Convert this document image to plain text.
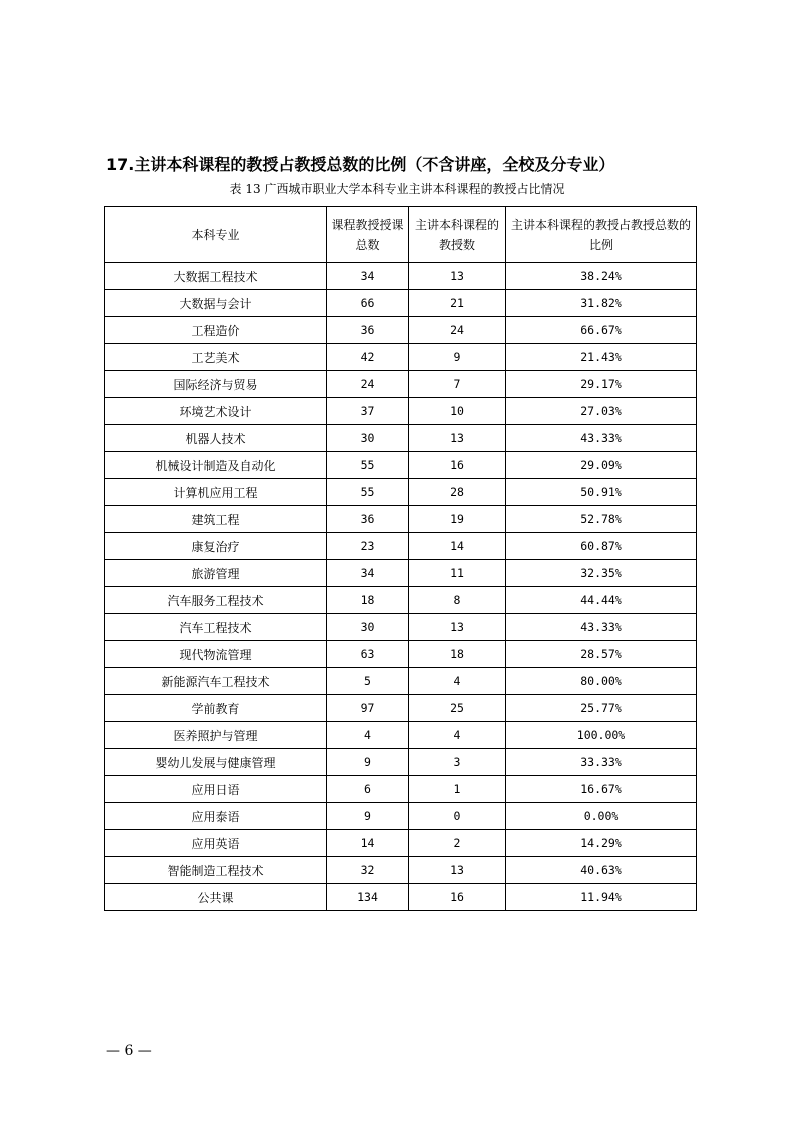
17.主讲本科课程的教授占教授总数的比例（不含讲座，全校及分专业）
表 13 广西城市职业大学本科专业主讲本科课程的教授占比情况
本科专业	课程教授授课总数	主讲本科课程的教授数	主讲本科课程的教授占教授总数的比例
大数据工程技术	34	13	38.24%
大数据与会计	66	21	31.82%
工程造价	36	24	66.67%
工艺美术	42	9	21.43%
国际经济与贸易	24	7	29.17%
环境艺术设计	37	10	27.03%
机器人技术	30	13	43.33%
机械设计制造及自动化	55	16	29.09%
计算机应用工程	55	28	50.91%
建筑工程	36	19	52.78%
康复治疗	23	14	60.87%
旅游管理	34	11	32.35%
汽车服务工程技术	18	8	44.44%
汽车工程技术	30	13	43.33%
现代物流管理	63	18	28.57%
新能源汽车工程技术	5	4	80.00%
学前教育	97	25	25.77%
医养照护与管理	4	4	100.00%
婴幼儿发展与健康管理	9	3	33.33%
应用日语	6	1	16.67%
应用泰语	9	0	0.00%
应用英语	14	2	14.29%
智能制造工程技术	32	13	40.63%
公共课	134	16	11.94%
— 6 —
